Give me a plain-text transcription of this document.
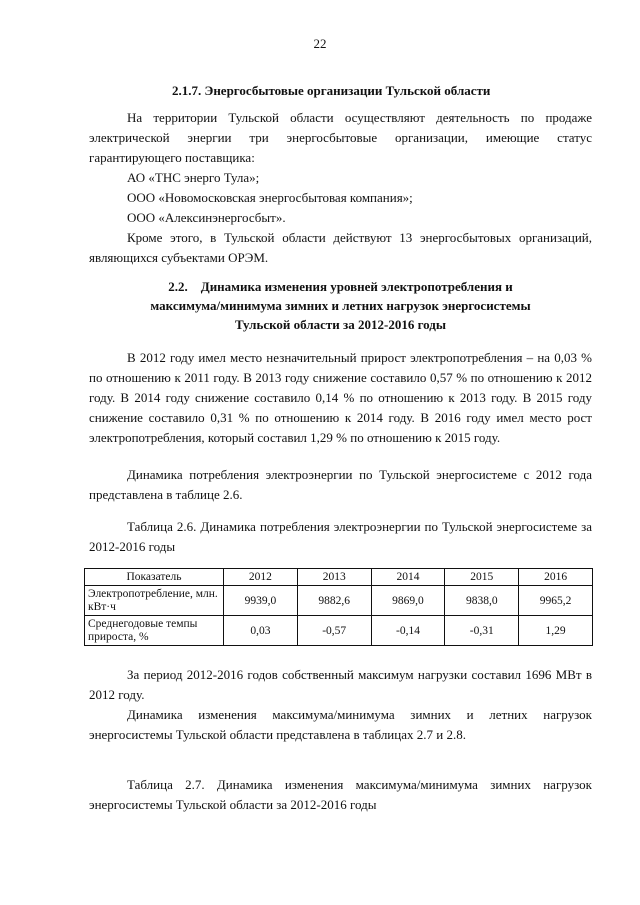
22
2.1.7. Энергосбытовые организации Тульской области

На территории Тульской области осуществляют деятельность по продаже электрической энергии три энергосбытовые организации, имеющие статус гарантирующего поставщика:

АО «ТНС энерго Тула»;
ООО «Новомосковская энергосбытовая компания»;
ООО «Алексинэнергосбыт».

Кроме этого, в Тульской области действуют 13 энергосбытовых организаций, являющихся субъектами ОРЭМ.

2.2.    Динамика изменения уровней электропотребления и
максимума/минимума зимних и летних нагрузок энергосистемы
Тульской области за 2012-2016 годы

В 2012 году имел место незначительный прирост электропотребления – на 0,03 % по отношению к 2011 году. В 2013 году снижение составило 0,57 % по отношению к 2012 году. В 2014 году снижение составило 0,14 % по отношению к 2013 году. В 2015 году снижение составило 0,31 % по отношению к 2014 году. В 2016 году имел место рост электропотребления, который составил 1,29 % по отношению к 2015 году.

Динамика потребления электроэнергии по Тульской энергосистеме с 2012 года представлена в таблице 2.6.

Таблица 2.6. Динамика потребления электроэнергии по Тульской энергосистеме за 2012-2016 годы

Показатель	2012	2013	2014	2015	2016
Электропотребление, млн. кВт·ч	9939,0	9882,6	9869,0	9838,0	9965,2
Среднегодовые темпы прироста, %	0,03	-0,57	-0,14	-0,31	1,29

За период 2012-2016 годов собственный максимум нагрузки составил 1696 МВт в 2012 году.

Динамика изменения максимума/минимума зимних и летних нагрузок энергосистемы Тульской области представлена в таблицах 2.7 и 2.8.

Таблица 2.7. Динамика изменения максимума/минимума зимних нагрузок энергосистемы Тульской области за 2012-2016 годы
